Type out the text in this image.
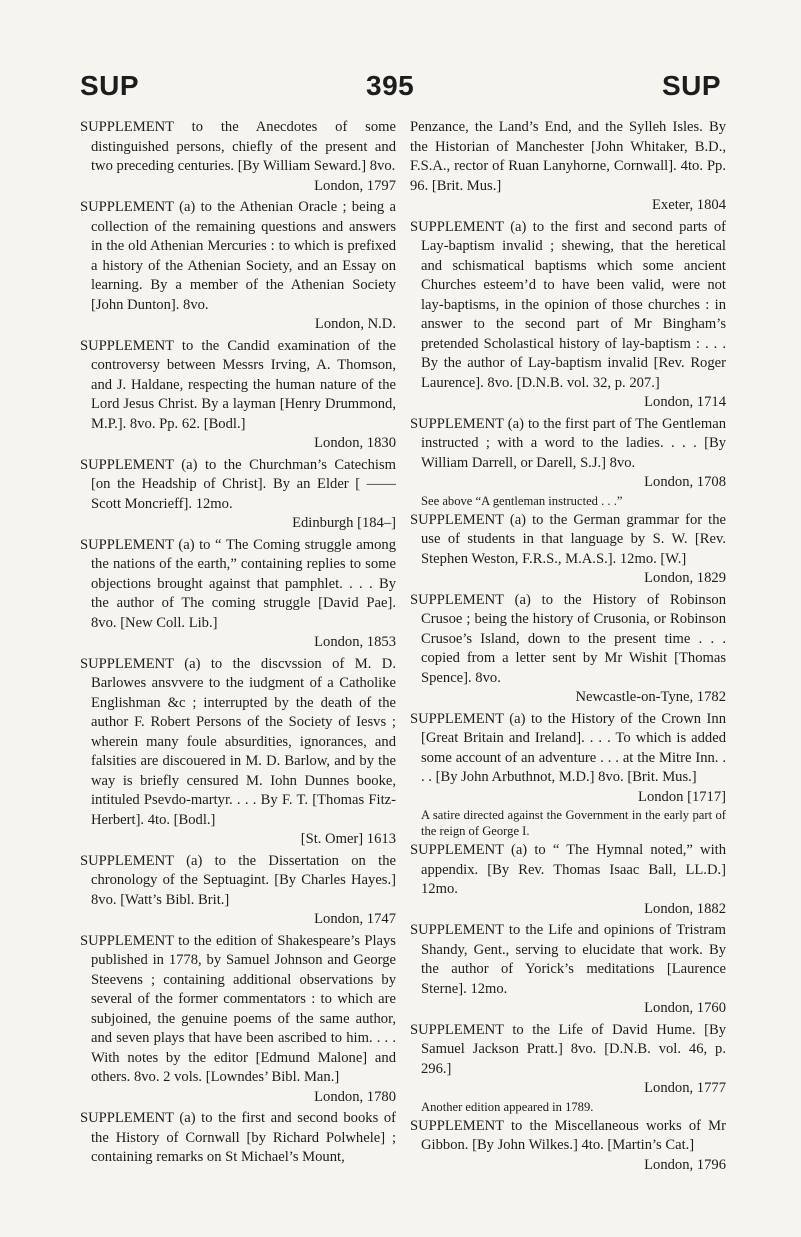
SUP	395	SUP
SUPPLEMENT to the Anecdotes of some distinguished persons, chiefly of the present and two preceding centuries. [By William Seward.] 8vo.
London, 1797
SUPPLEMENT (a) to the Athenian Oracle ; being a collection of the remaining questions and answers in the old Athenian Mercuries : to which is prefixed a history of the Athenian Society, and an Essay on learning. By a member of the Athenian Society [John Dunton]. 8vo.
London, N.D.
SUPPLEMENT to the Candid examination of the controversy between Messrs Irving, A. Thomson, and J. Haldane, respecting the human nature of the Lord Jesus Christ. By a layman [Henry Drummond, M.P.]. 8vo. Pp. 62. [Bodl.]
London, 1830
SUPPLEMENT (a) to the Churchman’s Catechism [on the Headship of Christ]. By an Elder [ —— Scott Moncrieff]. 12mo.
Edinburgh [184–]
SUPPLEMENT (a) to “ The Coming struggle among the nations of the earth,” containing replies to some objections brought against that pamphlet. . . . By the author of The coming struggle [David Pae]. 8vo. [New Coll. Lib.]
London, 1853
SUPPLEMENT (a) to the discvssion of M. D. Barlowes ansvvere to the iudgment of a Catholike Englishman &c ; interrupted by the death of the author F. Robert Persons of the Society of Iesvs ; wherein many foule absurdities, ignorances, and falsities are discouered in M. D. Barlow, and by the way is briefly censured M. Iohn Dunnes booke, intituled Psevdo-martyr. . . . By F. T. [Thomas Fitz-Herbert]. 4to. [Bodl.]
[St. Omer] 1613
SUPPLEMENT (a) to the Dissertation on the chronology of the Septuagint. [By Charles Hayes.] 8vo. [Watt’s Bibl. Brit.]
London, 1747
SUPPLEMENT to the edition of Shakespeare’s Plays published in 1778, by Samuel Johnson and George Steevens ; containing additional observations by several of the former commentators : to which are subjoined, the genuine poems of the same author, and seven plays that have been ascribed to him. . . . With notes by the editor [Edmund Malone] and others. 8vo. 2 vols. [Lowndes’ Bibl. Man.]
London, 1780
SUPPLEMENT (a) to the first and second books of the History of Cornwall [by Richard Polwhele] ; containing remarks on St Michael’s Mount,
Penzance, the Land’s End, and the Sylleh Isles. By the Historian of Manchester [John Whitaker, B.D., F.S.A., rector of Ruan Lanyhorne, Cornwall]. 4to. Pp. 96. [Brit. Mus.]
Exeter, 1804
SUPPLEMENT (a) to the first and second parts of Lay-baptism invalid ; shewing, that the heretical and schismatical baptisms which some ancient Churches esteem’d to have been valid, were not lay-baptisms, in the opinion of those churches : in answer to the second part of Mr Bingham’s pretended Scholastical history of lay-baptism : . . . By the author of Lay-baptism invalid [Rev. Roger Laurence]. 8vo. [D.N.B. vol. 32, p. 207.]
London, 1714
SUPPLEMENT (a) to the first part of The Gentleman instructed ; with a word to the ladies. . . . [By William Darrell, or Darell, S.J.] 8vo.
London, 1708
See above “A gentleman instructed . . .”
SUPPLEMENT (a) to the German grammar for the use of students in that language by S. W. [Rev. Stephen Weston, F.R.S., M.A.S.]. 12mo. [W.]
London, 1829
SUPPLEMENT (a) to the History of Robinson Crusoe ; being the history of Crusonia, or Robinson Crusoe’s Island, down to the present time . . . copied from a letter sent by Mr Wishit [Thomas Spence]. 8vo.
Newcastle-on-Tyne, 1782
SUPPLEMENT (a) to the History of the Crown Inn [Great Britain and Ireland]. . . . To which is added some account of an adventure . . . at the Mitre Inn. . . . [By John Arbuthnot, M.D.] 8vo. [Brit. Mus.]
London [1717]
A satire directed against the Government in the early part of the reign of George I.
SUPPLEMENT (a) to “ The Hymnal noted,” with appendix. [By Rev. Thomas Isaac Ball, LL.D.] 12mo.
London, 1882
SUPPLEMENT to the Life and opinions of Tristram Shandy, Gent., serving to elucidate that work. By the author of Yorick’s meditations [Laurence Sterne]. 12mo.
London, 1760
SUPPLEMENT to the Life of David Hume. [By Samuel Jackson Pratt.] 8vo. [D.N.B. vol. 46, p. 296.]
London, 1777
Another edition appeared in 1789.
SUPPLEMENT to the Miscellaneous works of Mr Gibbon. [By John Wilkes.] 4to. [Martin’s Cat.]
London, 1796
